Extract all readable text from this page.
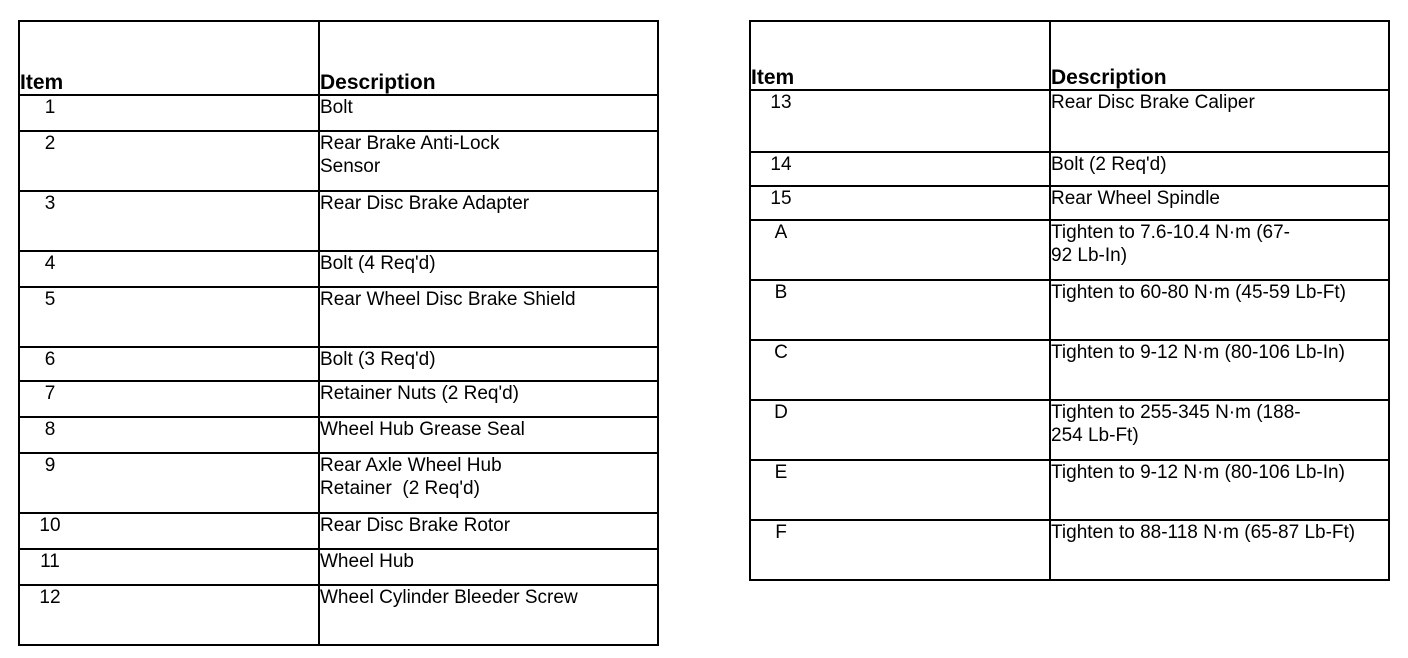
Item	Description
1	Bolt
2	Rear Brake Anti-Lock Sensor

3	Rear Disc Brake Adapter
4	Bolt (4 Req'd)
5	Rear Wheel Disc Brake Shield

6	Bolt (3 Req'd)
7	Retainer Nuts (2 Req'd)
8	Wheel Hub Grease Seal
9	Rear Axle Wheel Hub Retainer  (2 Req'd)

10	Rear Disc Brake Rotor
11	Wheel Hub
12	Wheel Cylinder Bleeder Screw
Item	Description
13	Rear Disc Brake Caliper
14	Bolt (2 Req'd)
15	Rear Wheel Spindle
A	Tighten to 7.6-10.4 N·m (67-92 Lb-In)

B	Tighten to 60-80 N·m (45-59 Lb-Ft)

C	Tighten to 9-12 N·m (80-106 Lb-In)

D	Tighten to 255-345 N·m (188-254 Lb-Ft)

E	Tighten to 9-12 N·m (80-106 Lb-In)

F	Tighten to 88-118 N·m (65-87 Lb-Ft)
